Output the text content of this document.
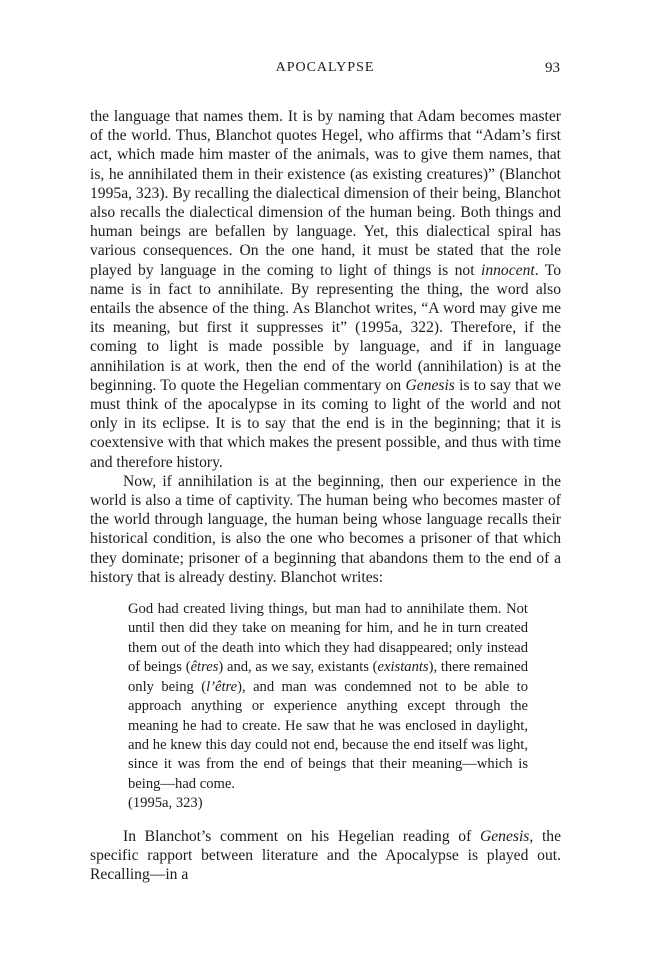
APOCALYPSE	93

the language that names them. It is by naming that Adam becomes master of the world. Thus, Blanchot quotes Hegel, who affirms that “Adam’s first act, which made him master of the animals, was to give them names, that is, he annihilated them in their existence (as existing creatures)” (Blanchot 1995a, 323). By recalling the dialectical dimension of their being, Blanchot also recalls the dialectical dimension of the human being. Both things and human beings are befallen by language. Yet, this dialectical spiral has various consequences. On the one hand, it must be stated that the role played by language in the coming to light of things is not innocent. To name is in fact to annihilate. By representing the thing, the word also entails the absence of the thing. As Blanchot writes, “A word may give me its meaning, but first it suppresses it” (1995a, 322). Therefore, if the coming to light is made possible by language, and if in language annihilation is at work, then the end of the world (annihilation) is at the beginning. To quote the Hegelian commentary on Genesis is to say that we must think of the apocalypse in its coming to light of the world and not only in its eclipse. It is to say that the end is in the beginning; that it is coextensive with that which makes the present possible, and thus with time and therefore history.

Now, if annihilation is at the beginning, then our experience in the world is also a time of captivity. The human being who becomes master of the world through language, the human being whose language recalls their historical condition, is also the one who becomes a prisoner of that which they dominate; prisoner of a beginning that abandons them to the end of a history that is already destiny. Blanchot writes:

God had created living things, but man had to annihilate them. Not until then did they take on meaning for him, and he in turn created them out of the death into which they had disappeared; only instead of beings (êtres) and, as we say, existants (existants), there remained only being (l’être), and man was condemned not to be able to approach anything or experience anything except through the meaning he had to create. He saw that he was enclosed in daylight, and he knew this day could not end, because the end itself was light, since it was from the end of beings that their meaning—which is being—had come.
(1995a, 323)

In Blanchot’s comment on his Hegelian reading of Genesis, the specific rapport between literature and the Apocalypse is played out. Recalling—in a
